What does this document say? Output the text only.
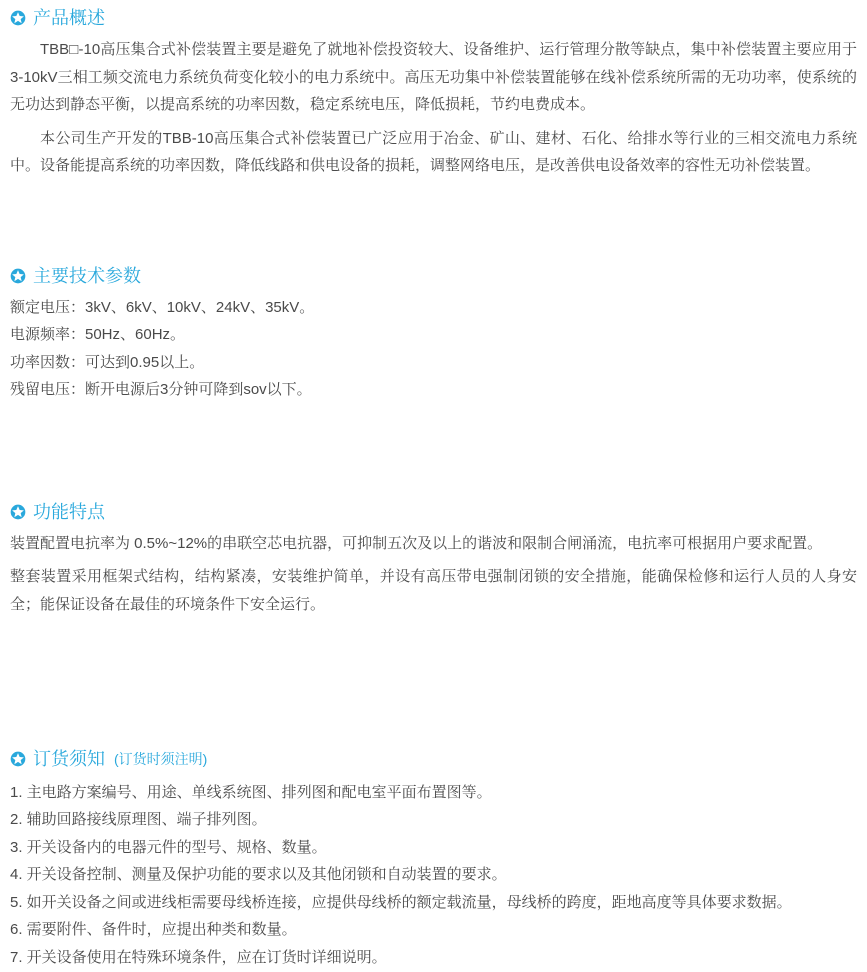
产品概述

TBB□-10高压集合式补偿装置主要是避免了就地补偿投资较大、设备维护、运行管理分散等缺点，集中补偿装置主要应用于3-10kV三相工频交流电力系统负荷变化较小的电力系统中。高压无功集中补偿装置能够在线补偿系统所需的无功功率，使系统的无功达到静态平衡，以提高系统的功率因数，稳定系统电压，降低损耗，节约电费成本。

本公司生产开发的TBB-10高压集合式补偿装置已广泛应用于冶金、矿山、建材、石化、给排水等行业的三相交流电力系统中。设备能提高系统的功率因数，降低线路和供电设备的损耗，调整网络电压，是改善供电设备效率的容性无功补偿装置。

主要技术参数

额定电压：3kV、6kV、10kV、24kV、35kV。

电源频率：50Hz、60Hz。

功率因数：可达到0.95以上。

残留电压：断开电源后3分钟可降到sov以下。

功能特点

装置配置电抗率为 0.5%~12%的串联空芯电抗器，可抑制五次及以上的谐波和限制合闸涌流，电抗率可根据用户要求配置。

整套装置采用框架式结构，结构紧凑，安装维护简单，并设有高压带电强制闭锁的安全措施，能确保检修和运行人员的人身安全；能保证设备在最佳的环境条件下安全运行。

订货须知 (订货时须注明)

1. 主电路方案编号、用途、单线系统图、排列图和配电室平面布置图等。

2. 辅助回路接线原理图、端子排列图。

3. 开关设备内的电器元件的型号、规格、数量。

4. 开关设备控制、测量及保护功能的要求以及其他闭锁和自动装置的要求。

5. 如开关设备之间或进线柜需要母线桥连接，应提供母线桥的额定载流量，母线桥的跨度，距地高度等具体要求数据。

6. 需要附件、备件时，应提出种类和数量。

7. 开关设备使用在特殊环境条件，应在订货时详细说明。
